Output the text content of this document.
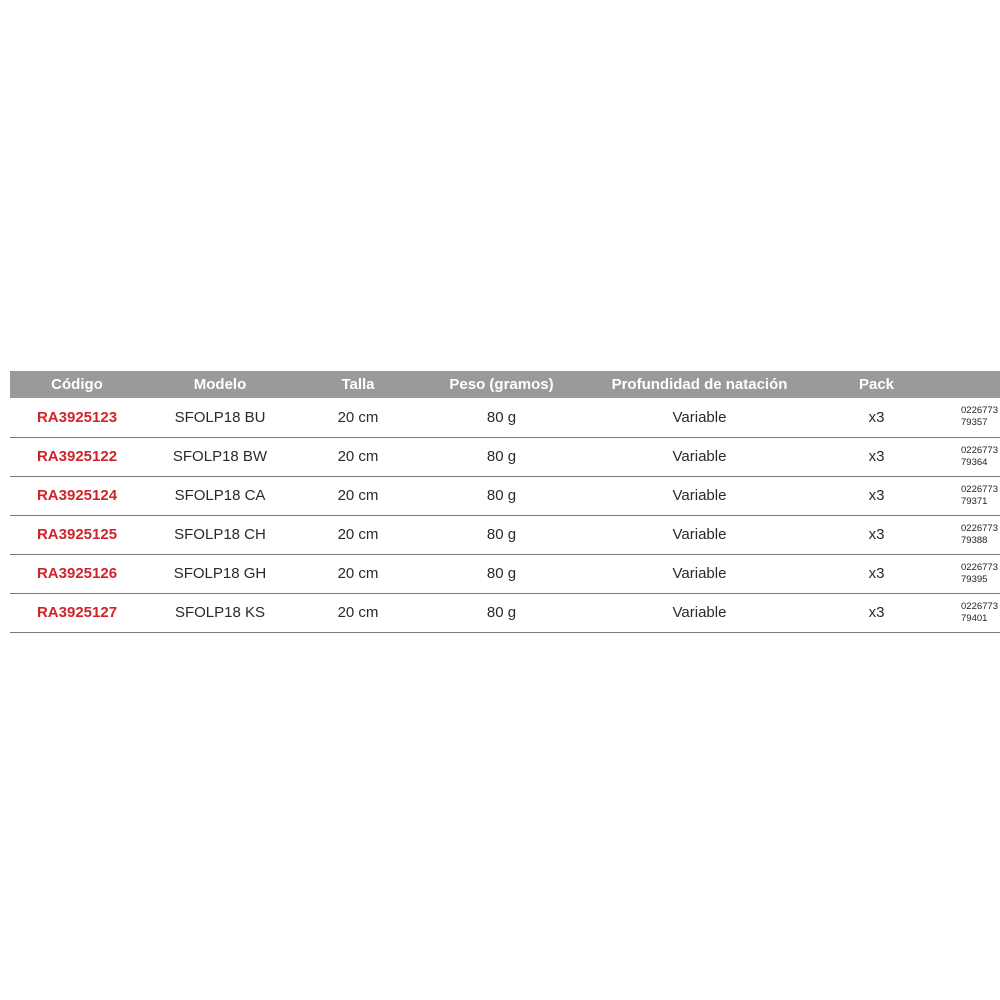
Código	Modelo	Talla	Peso (gramos)	Profundidad de natación	Pack	
RA3925123	SFOLP18 BU	20 cm	80 g	Variable	x3	0226773
79357

RA3925122	SFOLP18 BW	20 cm	80 g	Variable	x3	0226773
79364

RA3925124	SFOLP18 CA	20 cm	80 g	Variable	x3	0226773
79371

RA3925125	SFOLP18 CH	20 cm	80 g	Variable	x3	0226773
79388

RA3925126	SFOLP18 GH	20 cm	80 g	Variable	x3	0226773
79395

RA3925127	SFOLP18 KS	20 cm	80 g	Variable	x3	0226773
79401
